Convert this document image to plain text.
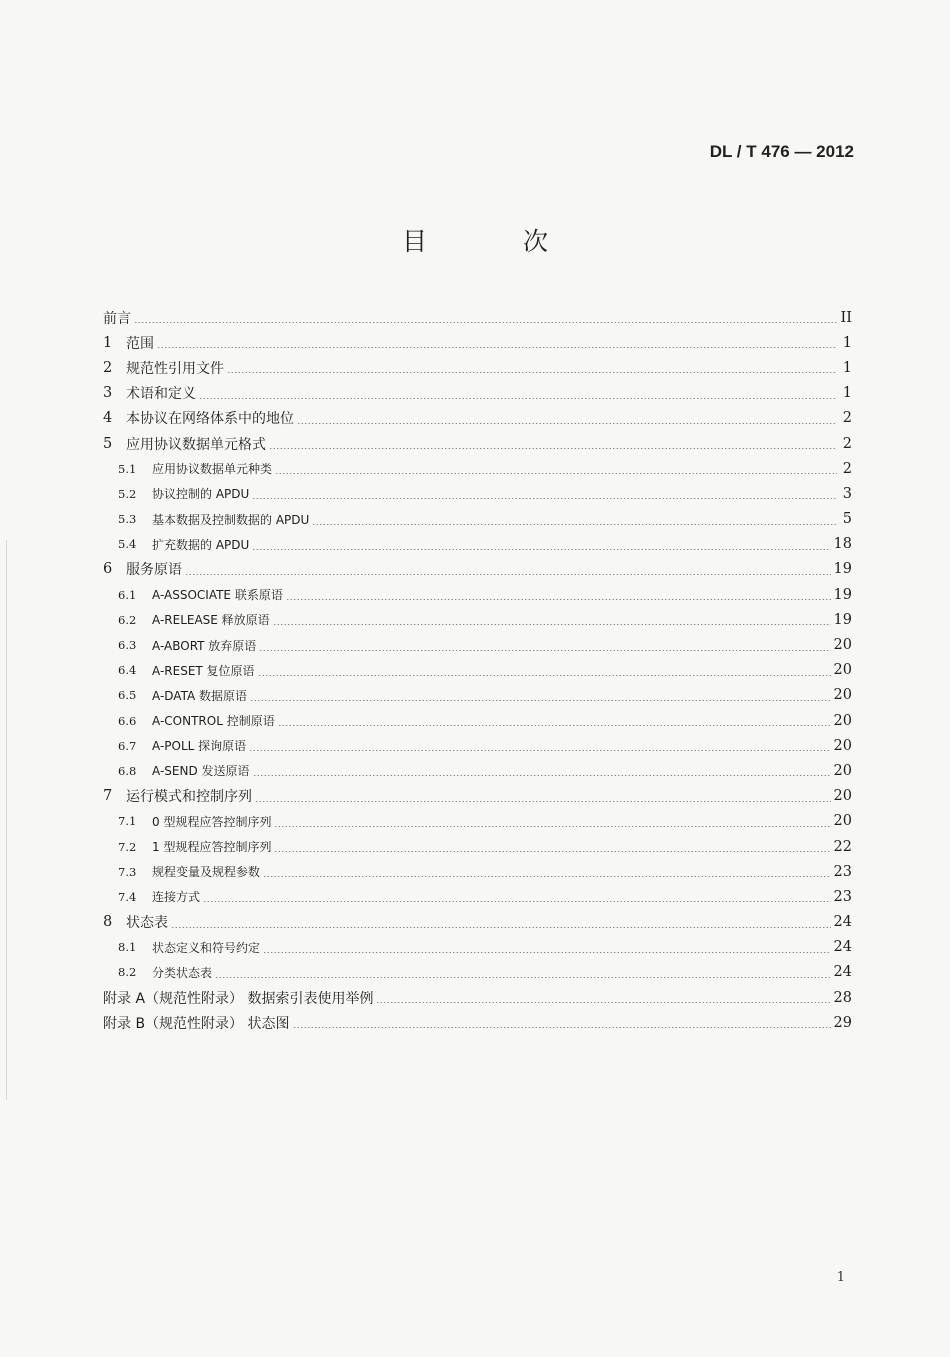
DL / T 476 — 2012
目 次
前言	II
1 范围	1
2 规范性引用文件	1
3 术语和定义	1
4 本协议在网络体系中的地位	2
5 应用协议数据单元格式	2
5.1	应用协议数据单元种类	2
5.2	协议控制的 APDU	3
5.3	基本数据及控制数据的 APDU	5
5.4	扩充数据的 APDU	18
6 服务原语	19
6.1	A-ASSOCIATE 联系原语	19
6.2	A-RELEASE 释放原语	19
6.3	A-ABORT 放弃原语	20
6.4	A-RESET 复位原语	20
6.5	A-DATA 数据原语	20
6.6	A-CONTROL 控制原语	20
6.7	A-POLL 探询原语	20
6.8	A-SEND 发送原语	20
7 运行模式和控制序列	20
7.1	0 型规程应答控制序列	20
7.2	1 型规程应答控制序列	22
7.3	规程变量及规程参数	23
7.4	连接方式	23
8 状态表	24
8.1	状态定义和符号约定	24
8.2	分类状态表	24
附录 A（规范性附录） 数据索引表使用举例	28
附录 B（规范性附录） 状态图	29
1
